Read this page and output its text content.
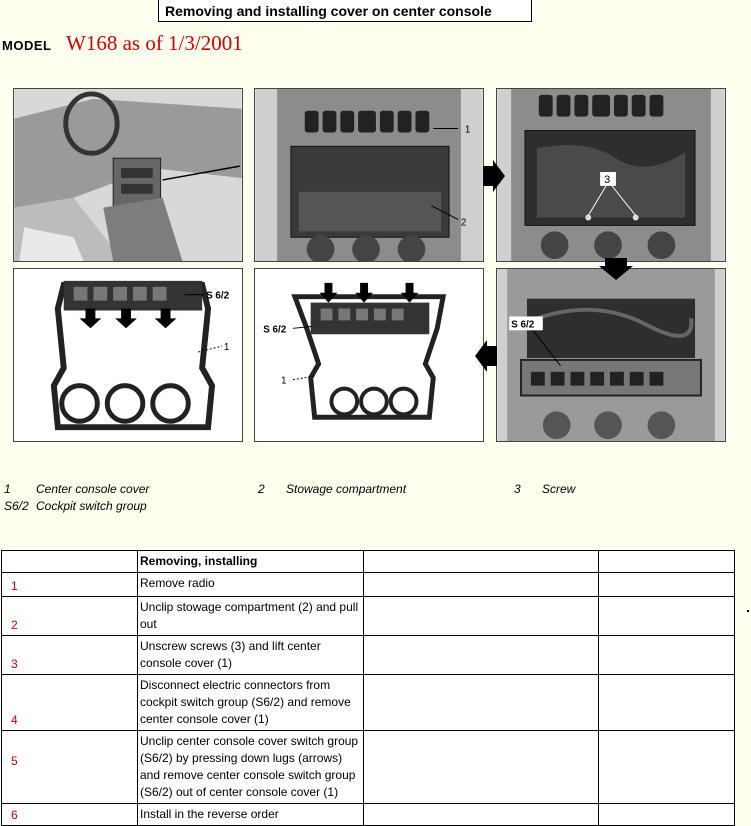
Removing and installing cover on center console
MODEL W168 as of 1/3/2001
1
2
3
S 6/2
1
S 6/2
1
S 6/2
1 Center console cover	2 Stowage compartment	3 Screw
S6/2 Cockpit switch group
	Removing, installing		

1	Remove radio		

2	Unclip stowage compartment (2) and pull out		

3	Unscrew screws (3) and lift center console cover (1)		

4	Disconnect electric connectors from cockpit switch group (S6/2) and remove center console cover (1)		

5	Unclip center console cover switch group (S6/2) by pressing down lugs (arrows) and remove center console switch group (S6/2) out of center console cover (1)		

6	Install in the reverse order		
